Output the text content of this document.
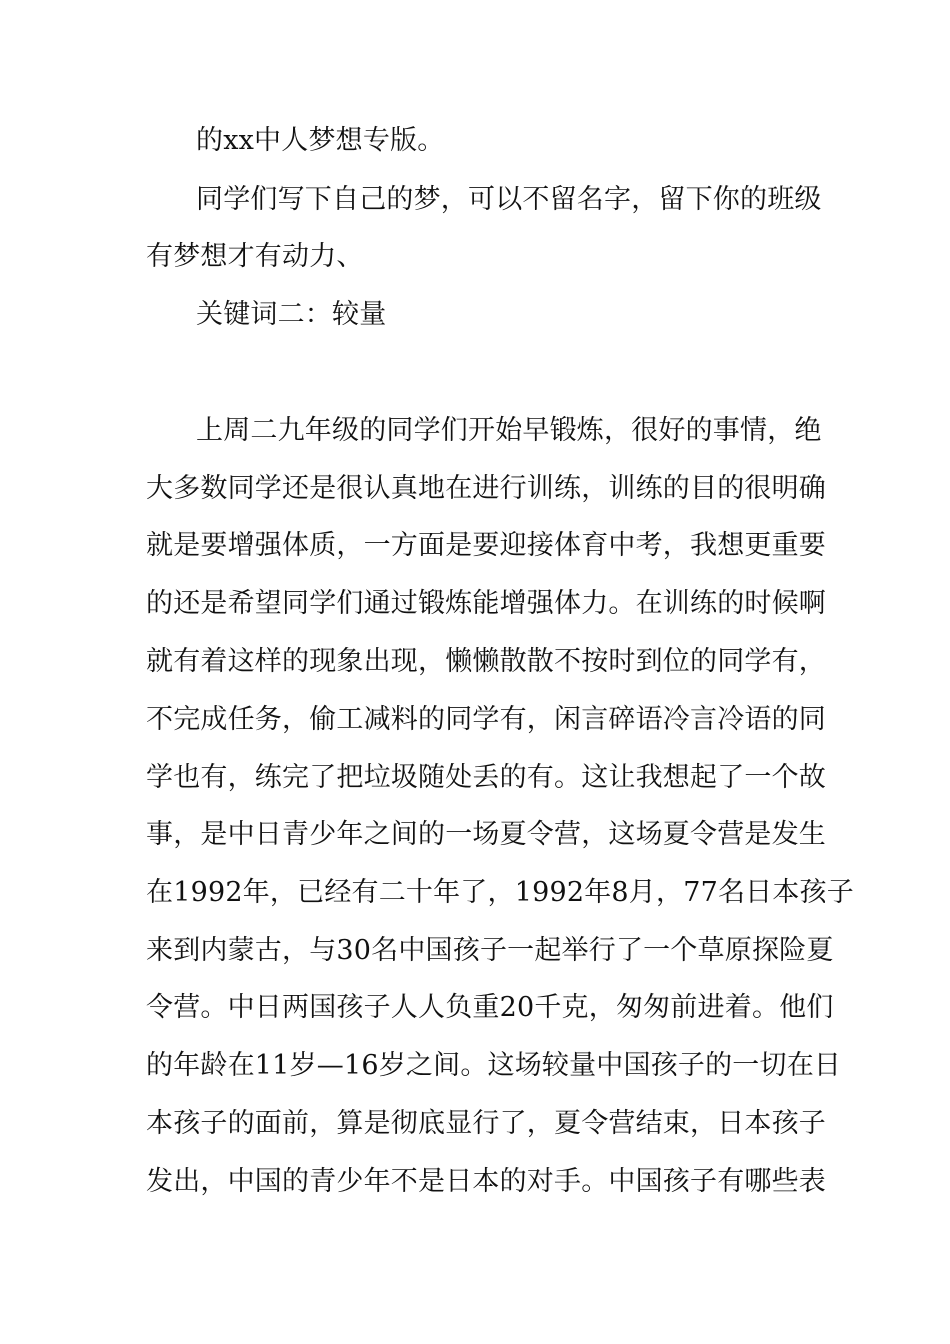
的xx中人梦想专版。
同学们写下自己的梦，可以不留名字，留下你的班级
有梦想才有动力、
关键词二：较量
上周二九年级的同学们开始早锻炼，很好的事情，绝
大多数同学还是很认真地在进行训练，训练的目的很明确
就是要增强体质，一方面是要迎接体育中考，我想更重要
的还是希望同学们通过锻炼能增强体力。在训练的时候啊
就有着这样的现象出现，懒懒散散不按时到位的同学有，
不完成任务，偷工减料的同学有，闲言碎语冷言冷语的同
学也有，练完了把垃圾随处丢的有。这让我想起了一个故
事，是中日青少年之间的一场夏令营，这场夏令营是发生
在1992年，已经有二十年了，1992年8月，77名日本孩子
来到内蒙古，与30名中国孩子一起举行了一个草原探险夏
令营。中日两国孩子人人负重20千克，匆匆前进着。他们
的年龄在11岁—16岁之间。这场较量中国孩子的一切在日
本孩子的面前，算是彻底显行了，夏令营结束，日本孩子
发出，中国的青少年不是日本的对手。中国孩子有哪些表
